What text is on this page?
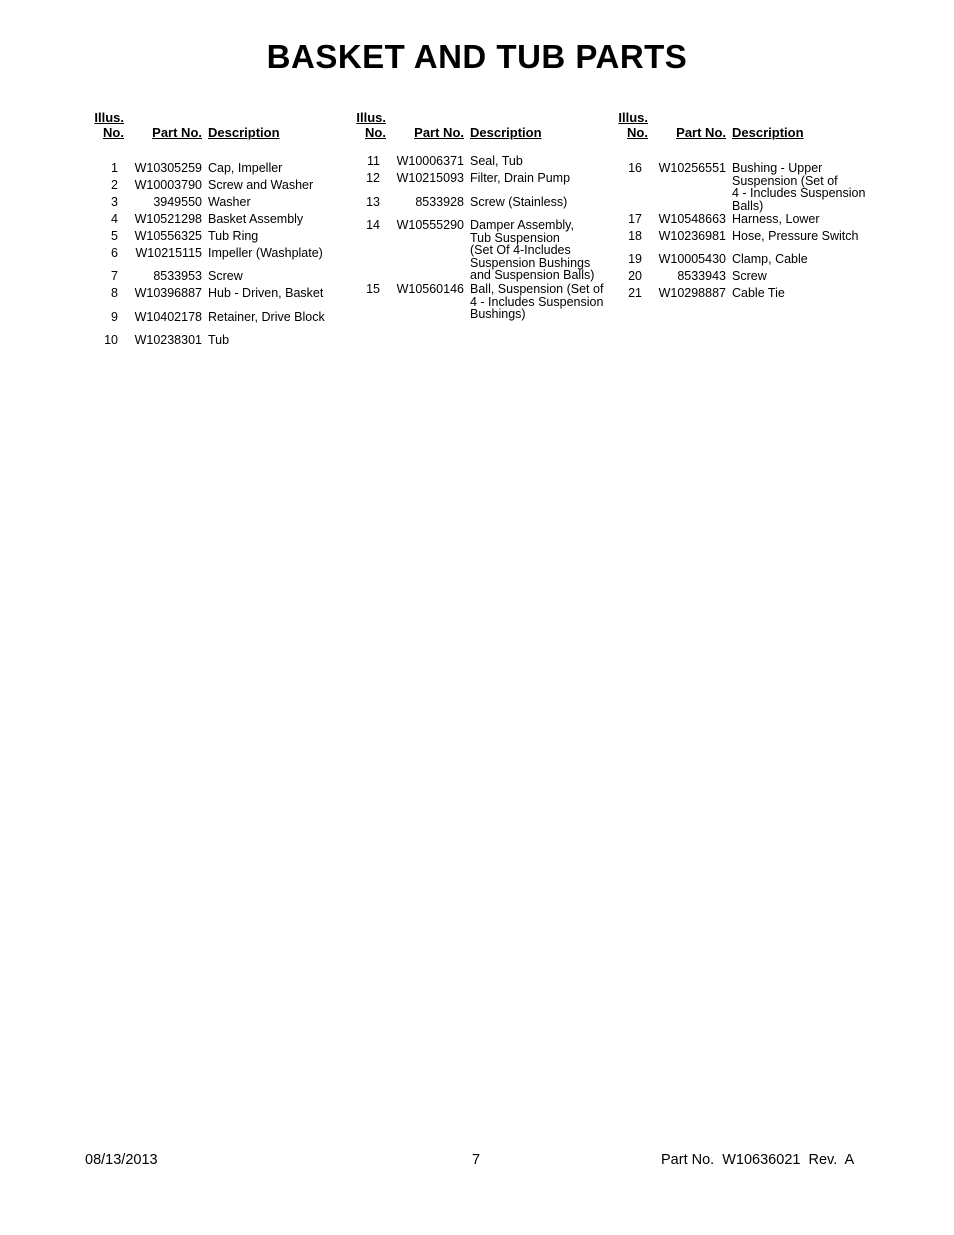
BASKET AND TUB PARTS
Illus.
No.	Part No. Description
1	W10305259 Cap, Impeller
2	W10003790 Screw and Washer
3	3949550 Washer
4	W10521298 Basket Assembly
5	W10556325 Tub Ring
6	W10215115 Impeller (Washplate)
7	8533953 Screw
8	W10396887 Hub - Driven, Basket
9	W10402178 Retainer, Drive Block
10	W10238301 Tub
Illus.
No.	Part No. Description
11	W10006371 Seal, Tub
12	W10215093 Filter, Drain Pump
13	8533928 Screw (Stainless)
14	W10555290 Damper Assembly,
Tub Suspension
(Set Of 4-Includes
Suspension Bushings
and Suspension Balls)
15	W10560146 Ball, Suspension (Set of
4 - Includes Suspension
Bushings)
Illus.
No.	Part No. Description
16	W10256551 Bushing - Upper
Suspension (Set of
4 - Includes Suspension
Balls)
17	W10548663 Harness, Lower
18	W10236981 Hose, Pressure Switch
19	W10005430 Clamp, Cable
20	8533943 Screw
21	W10298887 Cable Tie
08/13/2013	7	Part No.  W10636021  Rev.  A
